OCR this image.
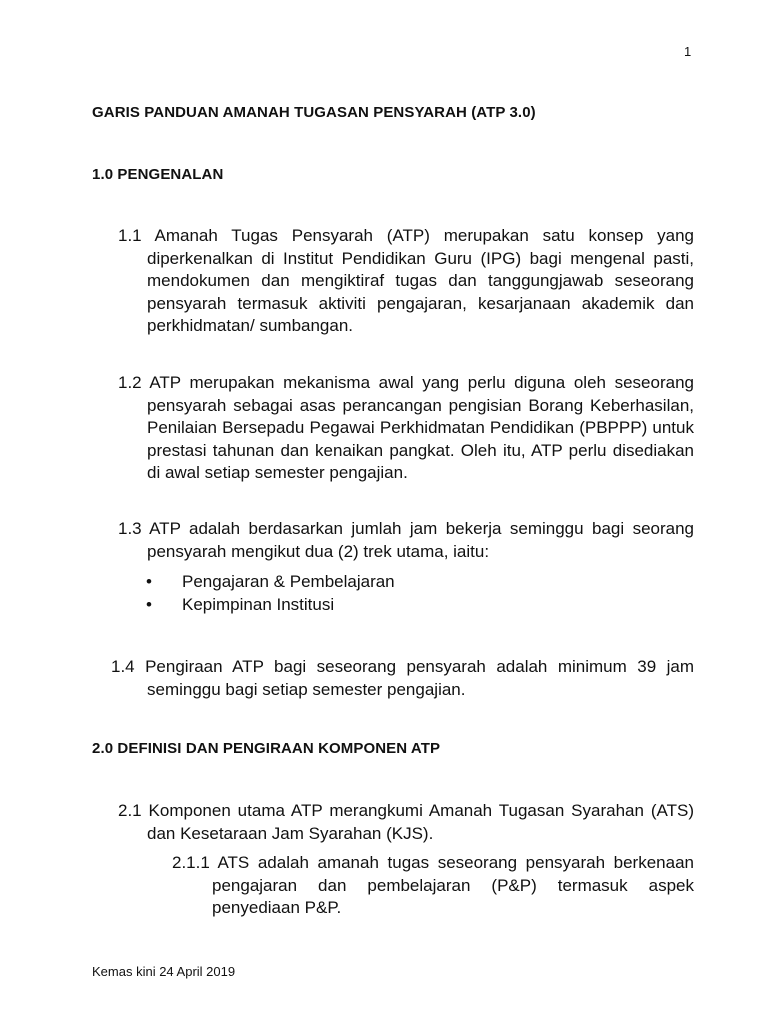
1
GARIS PANDUAN AMANAH TUGASAN PENSYARAH (ATP 3.0)
1.0 PENGENALAN
1.1 Amanah Tugas Pensyarah (ATP) merupakan satu konsep yang diperkenalkan di Institut Pendidikan Guru (IPG) bagi mengenal pasti, mendokumen dan mengiktiraf tugas dan tanggungjawab seseorang pensyarah termasuk aktiviti pengajaran, kesarjanaan akademik dan perkhidmatan/ sumbangan.
1.2 ATP merupakan mekanisma awal yang perlu diguna oleh seseorang pensyarah sebagai asas perancangan pengisian Borang Keberhasilan, Penilaian Bersepadu Pegawai Perkhidmatan Pendidikan (PBPPP) untuk prestasi tahunan dan kenaikan pangkat. Oleh itu, ATP perlu disediakan di awal setiap semester pengajian.
1.3 ATP adalah berdasarkan jumlah jam bekerja seminggu bagi seorang pensyarah mengikut dua (2) trek utama, iaitu:
• Pengajaran & Pembelajaran
• Kepimpinan Institusi
1.4 Pengiraan ATP bagi seseorang pensyarah adalah minimum 39 jam seminggu bagi setiap semester pengajian.
2.0 DEFINISI DAN PENGIRAAN KOMPONEN ATP
2.1 Komponen utama ATP merangkumi Amanah Tugasan Syarahan (ATS) dan Kesetaraan Jam Syarahan (KJS).
2.1.1 ATS adalah amanah tugas seseorang pensyarah berkenaan pengajaran dan pembelajaran (P&P) termasuk aspek penyediaan P&P.
Kemas kini 24 April 2019
